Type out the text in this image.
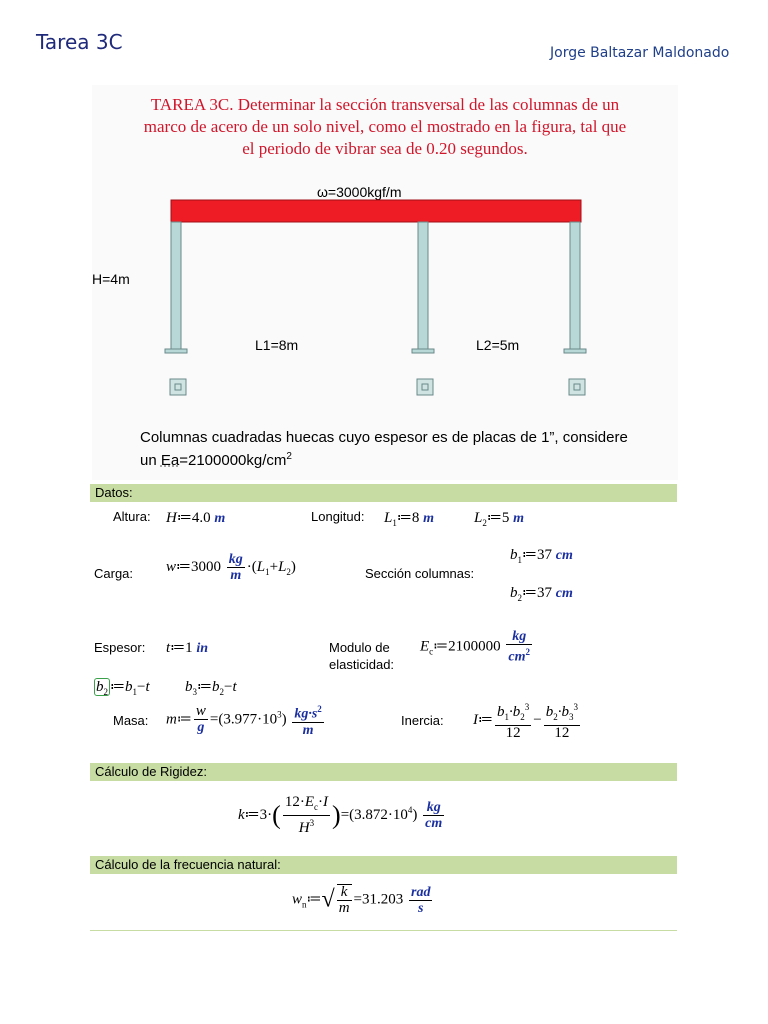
Tarea 3C	Jorge Baltazar Maldonado
TAREA 3C. Determinar la sección transversal de las columnas de un
marco de acero de un solo nivel, como el mostrado en la figura, tal que
el periodo de vibrar sea de 0.20 segundos.
ω=3000kgf/m
H=4m
L1=8m	L2=5m
Columnas cuadradas huecas cuyo espesor es de placas de 1”, considere
un $Ea=2100000kg/cm^2$
Datos:
Altura: H≔4.0 m	Longitud: $L_1≔8$ m	$L_2≔5$ m
Carga: w≔3000 $\frac{kg}{m} \cdot(L_1+L_2)$	Sección columnas:
$b_1≔37$ cm
$b_2≔37$ cm
Espesor: t≔1 in	Modulo de
elasticidad:
$E_c≔2100000 \frac{kg}{cm^2}$
$b_2$ $≔b_1-t$ $b_3≔b_2-t$
Masa: m≔ $\frac{w}{g} =(3.977\cdot 10^3) \frac{kg\cdot s^2}{m}$	Inercia: I≔ $\frac{b_1\cdot b_2^3}{12} - \frac{b_2\cdot b_3^3}{12}$
Cálculo de Rigidez:
k≔3·( $\frac{12\cdot E_c\cdot I}{H^3} )=(3.872\cdot 10^4) \frac{kg}{cm}$
Cálculo de la frecuencia natural:
$w_n≔√ \frac{k}{m} =31.203 \frac{\text{rad}}{s}$
